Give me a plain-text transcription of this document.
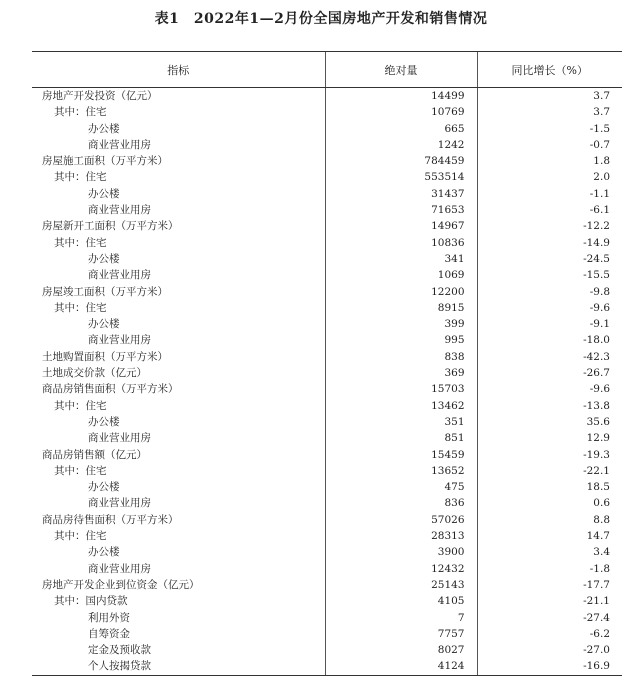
表1　2022年1—2月份全国房地产开发和销售情况
指标	绝对量	同比增长（%）
房地产开发投资（亿元）	14499	3.7
其中：住宅	10769	3.7
办公楼	665	-1.5
商业营业用房	1242	-0.7
房屋施工面积（万平方米）	784459	1.8
其中：住宅	553514	2.0
办公楼	31437	-1.1
商业营业用房	71653	-6.1
房屋新开工面积（万平方米）	14967	-12.2
其中：住宅	10836	-14.9
办公楼	341	-24.5
商业营业用房	1069	-15.5
房屋竣工面积（万平方米）	12200	-9.8
其中：住宅	8915	-9.6
办公楼	399	-9.1
商业营业用房	995	-18.0
土地购置面积（万平方米）	838	-42.3
土地成交价款（亿元）	369	-26.7
商品房销售面积（万平方米）	15703	-9.6
其中：住宅	13462	-13.8
办公楼	351	35.6
商业营业用房	851	12.9
商品房销售额（亿元）	15459	-19.3
其中：住宅	13652	-22.1
办公楼	475	18.5
商业营业用房	836	0.6
商品房待售面积（万平方米）	57026	8.8
其中：住宅	28313	14.7
办公楼	3900	3.4
商业营业用房	12432	-1.8
房地产开发企业到位资金（亿元）	25143	-17.7
其中：国内贷款	4105	-21.1
利用外资	7	-27.4
自筹资金	7757	-6.2
定金及预收款	8027	-27.0
个人按揭贷款	4124	-16.9
